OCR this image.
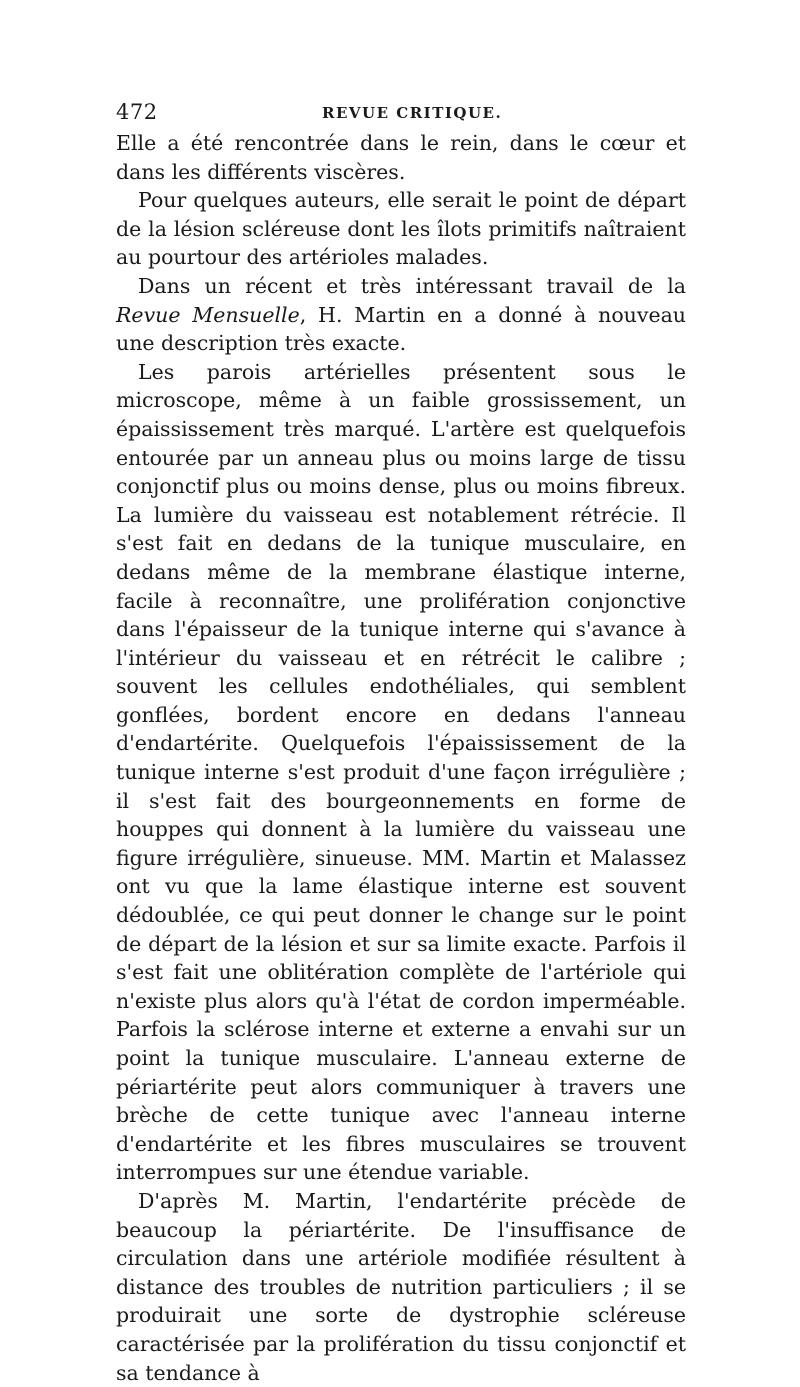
472	REVUE CRITIQUE.

Elle a été rencontrée dans le rein, dans le cœur et dans les différents viscères.

Pour quelques auteurs, elle serait le point de départ de la lésion scléreuse dont les îlots primitifs naîtraient au pourtour des artérioles malades.

Dans un récent et très intéressant travail de la Revue Mensuelle, H. Martin en a donné à nouveau une description très exacte.

Les parois artérielles présentent sous le microscope, même à un faible grossissement, un épaississement très marqué. L'artère est quelquefois entourée par un anneau plus ou moins large de tissu conjonctif plus ou moins dense, plus ou moins fibreux. La lumière du vaisseau est notablement rétrécie. Il s'est fait en dedans de la tunique musculaire, en dedans même de la membrane élastique interne, facile à reconnaître, une prolifération conjonctive dans l'épaisseur de la tunique interne qui s'avance à l'intérieur du vaisseau et en rétrécit le calibre ; souvent les cellules endothéliales, qui semblent gonflées, bordent encore en dedans l'anneau d'endartérite. Quelquefois l'épaississement de la tunique interne s'est produit d'une façon irrégulière ; il s'est fait des bourgeonnements en forme de houppes qui donnent à la lumière du vaisseau une figure irrégulière, sinueuse. MM. Martin et Malassez ont vu que la lame élastique interne est souvent dédoublée, ce qui peut donner le change sur le point de départ de la lésion et sur sa limite exacte. Parfois il s'est fait une oblitération complète de l'artériole qui n'existe plus alors qu'à l'état de cordon imperméable. Parfois la sclérose interne et externe a envahi sur un point la tunique musculaire. L'anneau externe de périartérite peut alors communiquer à travers une brèche de cette tunique avec l'anneau interne d'endartérite et les fibres musculaires se trouvent interrompues sur une étendue variable.

D'après M. Martin, l'endartérite précède de beaucoup la périartérite. De l'insuffisance de circulation dans une artériole modifiée résultent à distance des troubles de nutrition particuliers ; il se produirait une sorte de dystrophie scléreuse caractérisée par la prolifération du tissu conjonctif et sa tendance à
